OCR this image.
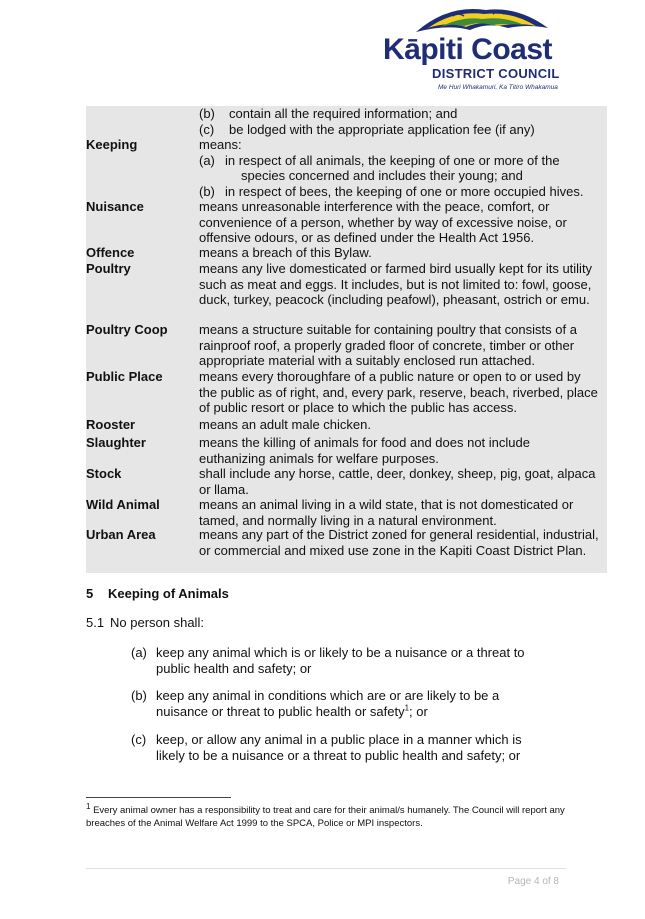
Kāpiti Coast
DISTRICT COUNCIL
Me Huri Whakamuri, Ka Titiro Whakamua
(b) contain all the required information; and
(c) be lodged with the appropriate application fee (if any)
Keeping	means:
(a) in respect of all animals, the keeping of one or more of the
species concerned and includes their young; and
(b) in respect of bees, the keeping of one or more occupied hives.
Nuisance	means unreasonable interference with the peace, comfort, or convenience of a person, whether by way of excessive noise, or offensive odours, or as defined under the Health Act 1956.
Offence	means a breach of this Bylaw.
Poultry	means any live domesticated or farmed bird usually kept for its utility such as meat and eggs. It includes, but is not limited to: fowl, goose, duck, turkey, peacock (including peafowl), pheasant, ostrich or emu.
Poultry Coop means a structure suitable for containing poultry that consists of a rainproof roof, a properly graded floor of concrete, timber or other appropriate material with a suitably enclosed run attached.
Public Place	means every thoroughfare of a public nature or open to or used by the public as of right, and, every park, reserve, beach, riverbed, place of public resort or place to which the public has access.
Rooster	means an adult male chicken.
Slaughter	means the killing of animals for food and does not include euthanizing animals for welfare purposes.
Stock	shall include any horse, cattle, deer, donkey, sheep, pig, goat, alpaca or llama.
Wild Animal	means an animal living in a wild state, that is not domesticated or tamed, and normally living in a natural environment.
Urban Area	means any part of the District zoned for general residential, industrial, or commercial and mixed use zone in the Kapiti Coast District Plan.
5 Keeping of Animals
5.1 No person shall:
(a) keep any animal which is or likely to be a nuisance or a threat to public health and safety; or
(b) keep any animal in conditions which are or are likely to be a nuisance or threat to public health or safety$^1$; or
(c) keep, or allow any animal in a public place in a manner which is likely to be a nuisance or a threat to public health and safety; or
$^1$ Every animal owner has a responsibility to treat and care for their animal/s humanely. The Council will report any breaches of the Animal Welfare Act 1999 to the SPCA, Police or MPI inspectors.
Page 4 of 8
